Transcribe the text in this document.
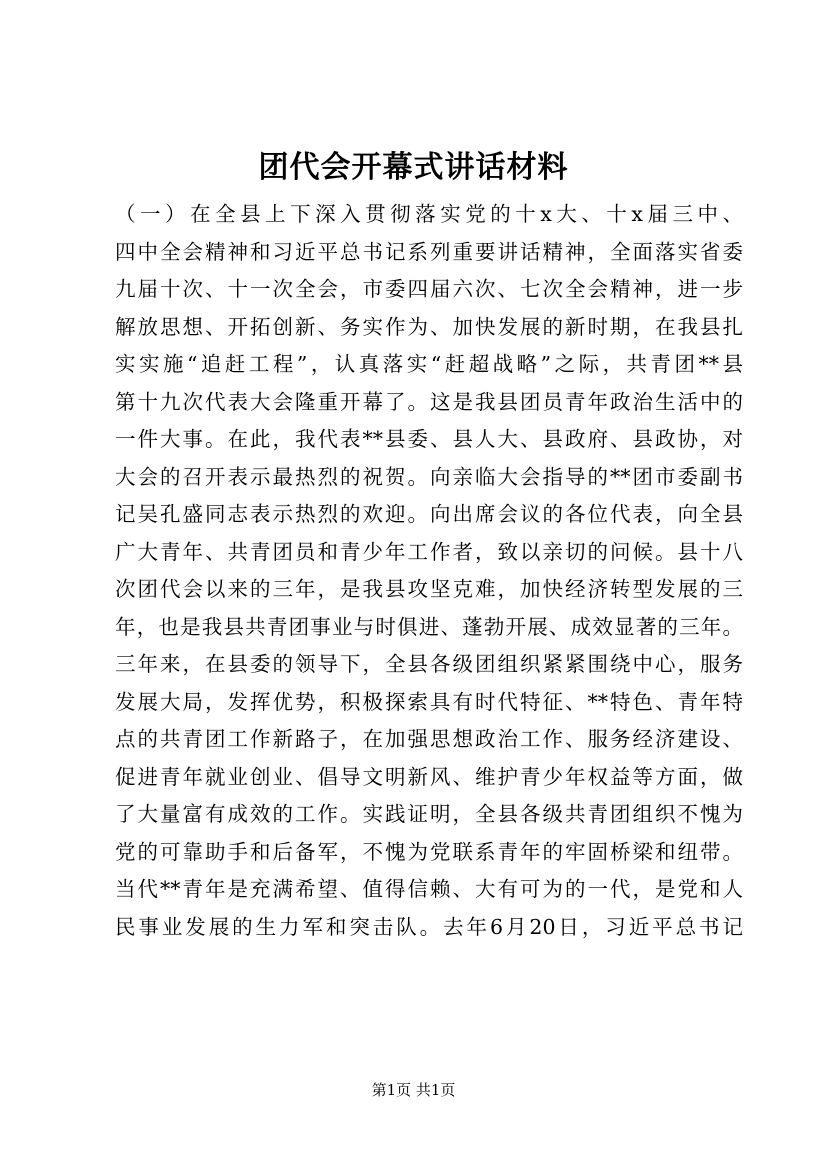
团代会开幕式讲话材料
（一）在全县上下深入贯彻落实党的十x大、十x届三中、
四中全会精神和习近平总书记系列重要讲话精神，全面落实省委
九届十次、十一次全会，市委四届六次、七次全会精神，进一步
解放思想、开拓创新、务实作为、加快发展的新时期，在我县扎
实实施“追赶工程”，认真落实“赶超战略”之际，共青团**县
第十九次代表大会隆重开幕了。这是我县团员青年政治生活中的
一件大事。在此，我代表**县委、县人大、县政府、县政协，对
大会的召开表示最热烈的祝贺。向亲临大会指导的**团市委副书
记吴孔盛同志表示热烈的欢迎。向出席会议的各位代表，向全县
广大青年、共青团员和青少年工作者，致以亲切的问候。县十八
次团代会以来的三年，是我县攻坚克难，加快经济转型发展的三
年，也是我县共青团事业与时俱进、蓬勃开展、成效显著的三年。
三年来，在县委的领导下，全县各级团组织紧紧围绕中心，服务
发展大局，发挥优势，积极探索具有时代特征、**特色、青年特
点的共青团工作新路子，在加强思想政治工作、服务经济建设、
促进青年就业创业、倡导文明新风、维护青少年权益等方面，做
了大量富有成效的工作。实践证明，全县各级共青团组织不愧为
党的可靠助手和后备军，不愧为党联系青年的牢固桥梁和纽带。
当代**青年是充满希望、值得信赖、大有可为的一代，是党和人
民事业发展的生力军和突击队。去年6月20日，习近平总书记
第1页 共1页
